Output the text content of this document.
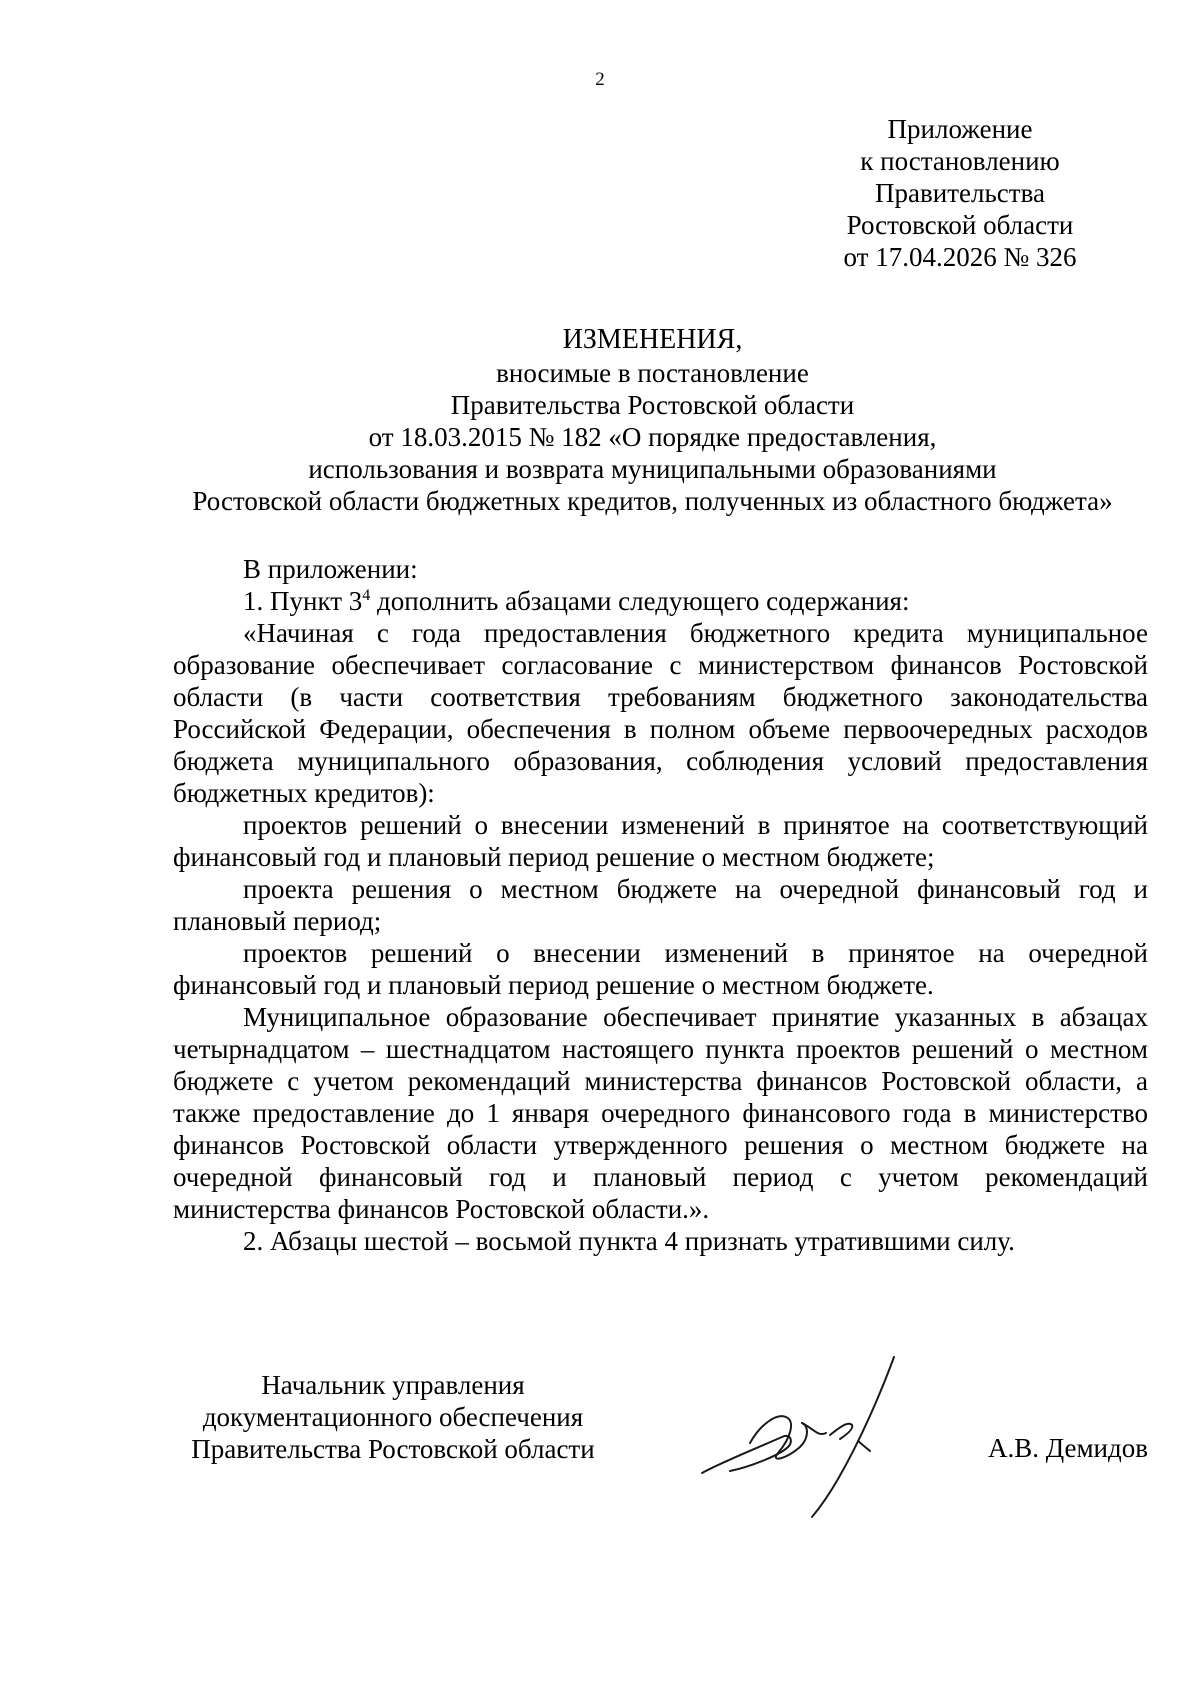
2
Приложение
к постановлению
Правительства
Ростовской области
от 17.04.2026 № 326
ИЗМЕНЕНИЯ,
вносимые в постановление
Правительства Ростовской области
от 18.03.2015 № 182 «О порядке предоставления,
использования и возврата муниципальными образованиями
Ростовской области бюджетных кредитов, полученных из областного бюджета»

В приложении:

1. Пункт $3^4$ дополнить абзацами следующего содержания:

«Начиная с года предоставления бюджетного кредита муниципальное образование обеспечивает согласование с министерством финансов Ростовской области (в части соответствия требованиям бюджетного законодательства Российской Федерации, обеспечения в полном объеме первоочередных расходов бюджета муниципального образования, соблюдения условий предоставления бюджетных кредитов):

проектов решений о внесении изменений в принятое на соответствующий финансовый год и плановый период решение о местном бюджете;

проекта решения о местном бюджете на очередной финансовый год и плановый период;

проектов решений о внесении изменений в принятое на очередной финансовый год и плановый период решение о местном бюджете.

Муниципальное образование обеспечивает принятие указанных в абзацах четырнадцатом – шестнадцатом настоящего пункта проектов решений о местном бюджете с учетом рекомендаций министерства финансов Ростовской области, а также предоставление до 1 января очередного финансового года в министерство финансов Ростовской области утвержденного решения о местном бюджете на очередной финансовый год и плановый период с учетом рекомендаций министерства финансов Ростовской области.».

2. Абзацы шестой – восьмой пункта 4 признать утратившими силу.

Начальник управления
документационного обеспечения
Правительства Ростовской области	А.В. Демидов
